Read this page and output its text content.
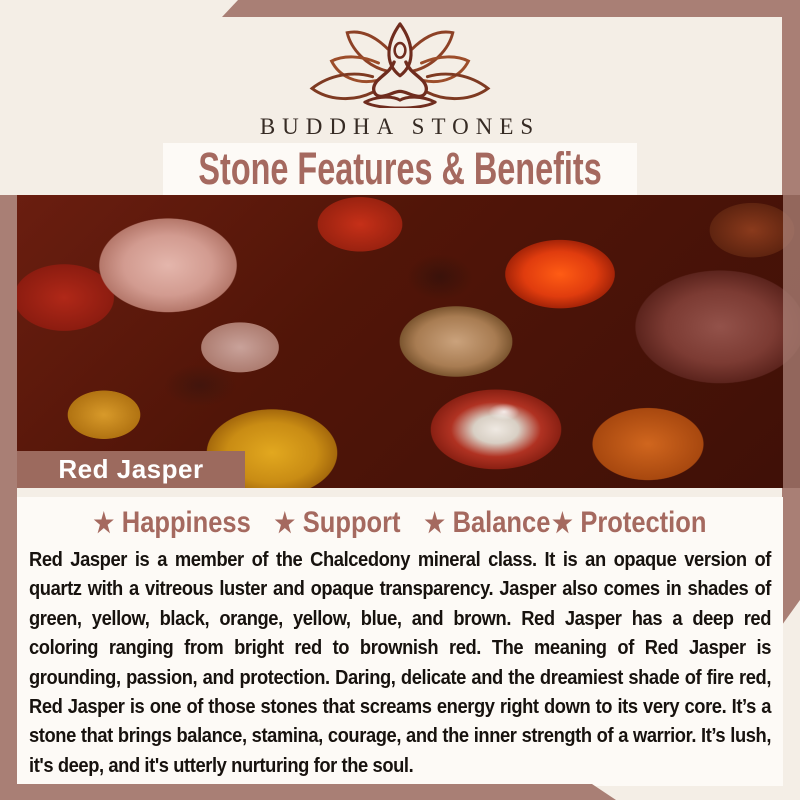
BUDDHA STONES
Stone Features & Benefits
Red Jasper
★ Happiness ★ Support ★ Balance ★ Protection
Red Jasper is a member of the Chalcedony mineral class. It is an opaque version of quartz with a vitreous luster and opaque transparency. Jasper also comes in shades of green, yellow, black, orange, yellow, blue, and brown. Red Jasper has a deep red coloring ranging from bright red to brownish red. The meaning of Red Jasper is grounding, passion, and protection. Daring, delicate and the dreamiest shade of fire red, Red Jasper is one of those stones that screams energy right down to its very core. It’s a stone that brings balance, stamina, courage, and the inner strength of a warrior. It’s lush, it's deep, and it's utterly nurturing for the soul.
